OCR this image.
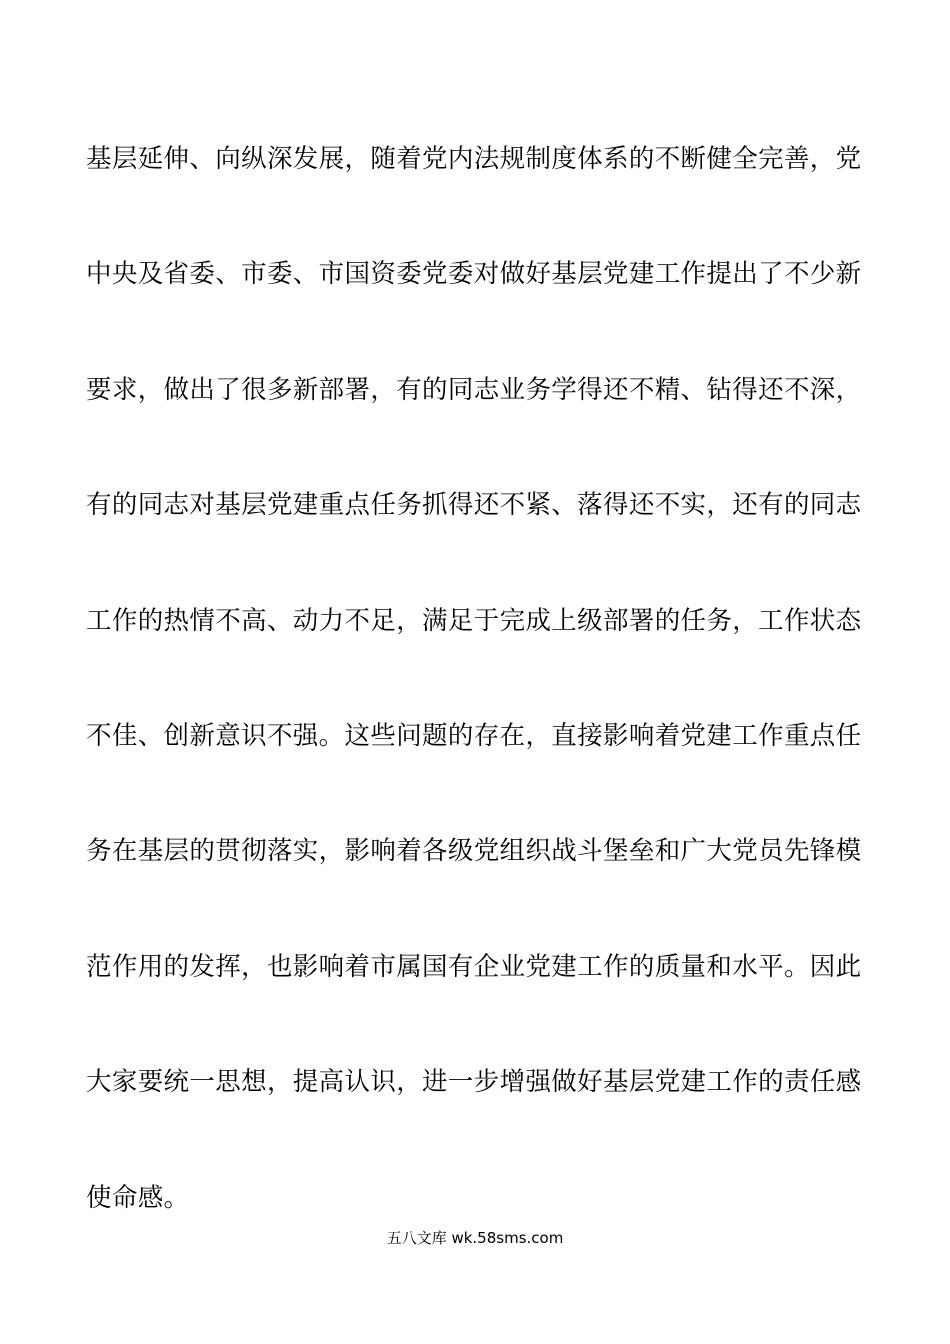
基层延伸、向纵深发展，随着党内法规制度体系的不断健全完善，党
中央及省委、市委、市国资委党委对做好基层党建工作提出了不少新
要求，做出了很多新部署，有的同志业务学得还不精、钻得还不深，
有的同志对基层党建重点任务抓得还不紧、落得还不实，还有的同志
工作的热情不高、动力不足，满足于完成上级部署的任务，工作状态
不佳、创新意识不强。这些问题的存在，直接影响着党建工作重点任
务在基层的贯彻落实，影响着各级党组织战斗堡垒和广大党员先锋模
范作用的发挥，也影响着市属国有企业党建工作的质量和水平。因此
大家要统一思想，提高认识，进一步增强做好基层党建工作的责任感
使命感。
五八文库 wk.58sms.com
